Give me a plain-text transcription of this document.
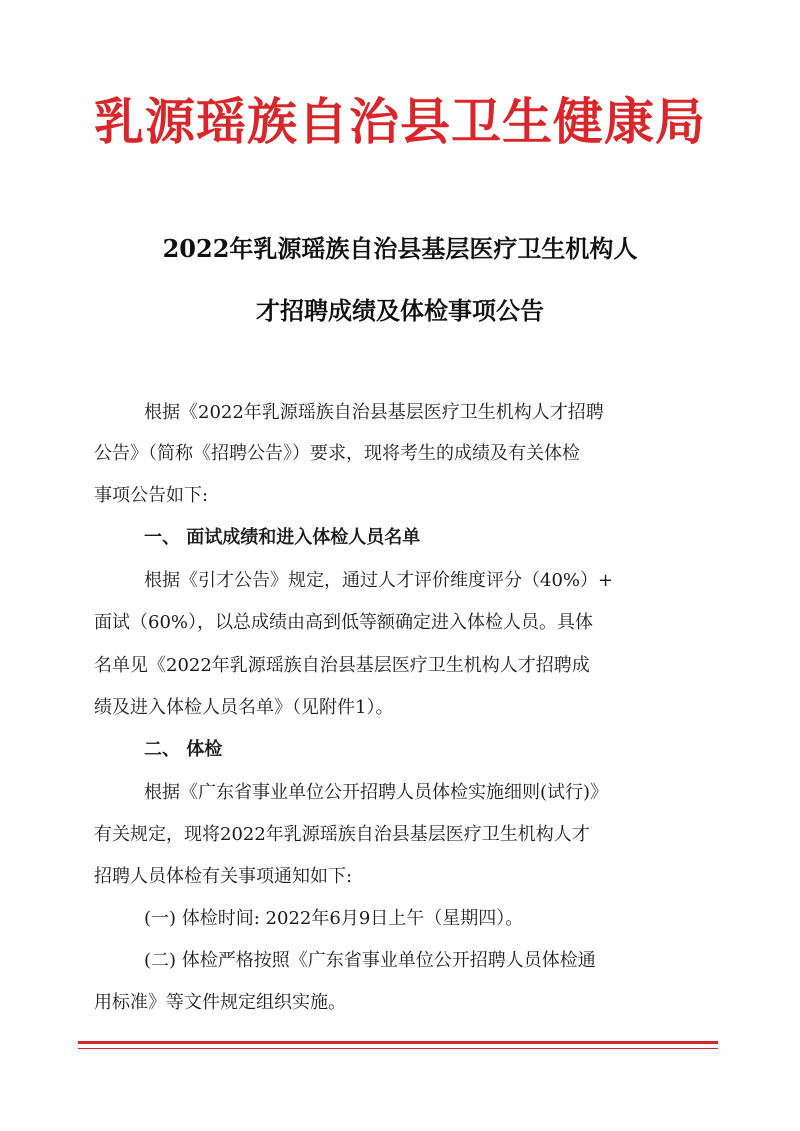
乳源瑶族自治县卫生健康局
2022年乳源瑶族自治县基层医疗卫生机构人
才招聘成绩及体检事项公告
根据《2022年乳源瑶族自治县基层医疗卫生机构人才招聘
公告》（简称《招聘公告》）要求，现将考生的成绩及有关体检
事项公告如下:
一、 面试成绩和进入体检人员名单
根据《引才公告》规定，通过人才评价维度评分（40%）+
面试（60%），以总成绩由高到低等额确定进入体检人员。具体
名单见《2022年乳源瑶族自治县基层医疗卫生机构人才招聘成
绩及进入体检人员名单》（见附件1）。
二、 体检
根据《广东省事业单位公开招聘人员体检实施细则(试行)》
有关规定，现将2022年乳源瑶族自治县基层医疗卫生机构人才
招聘人员体检有关事项通知如下:
(一) 体检时间: 2022年6月9日上午（星期四）。
(二) 体检严格按照《广东省事业单位公开招聘人员体检通
用标准》等文件规定组织实施。
